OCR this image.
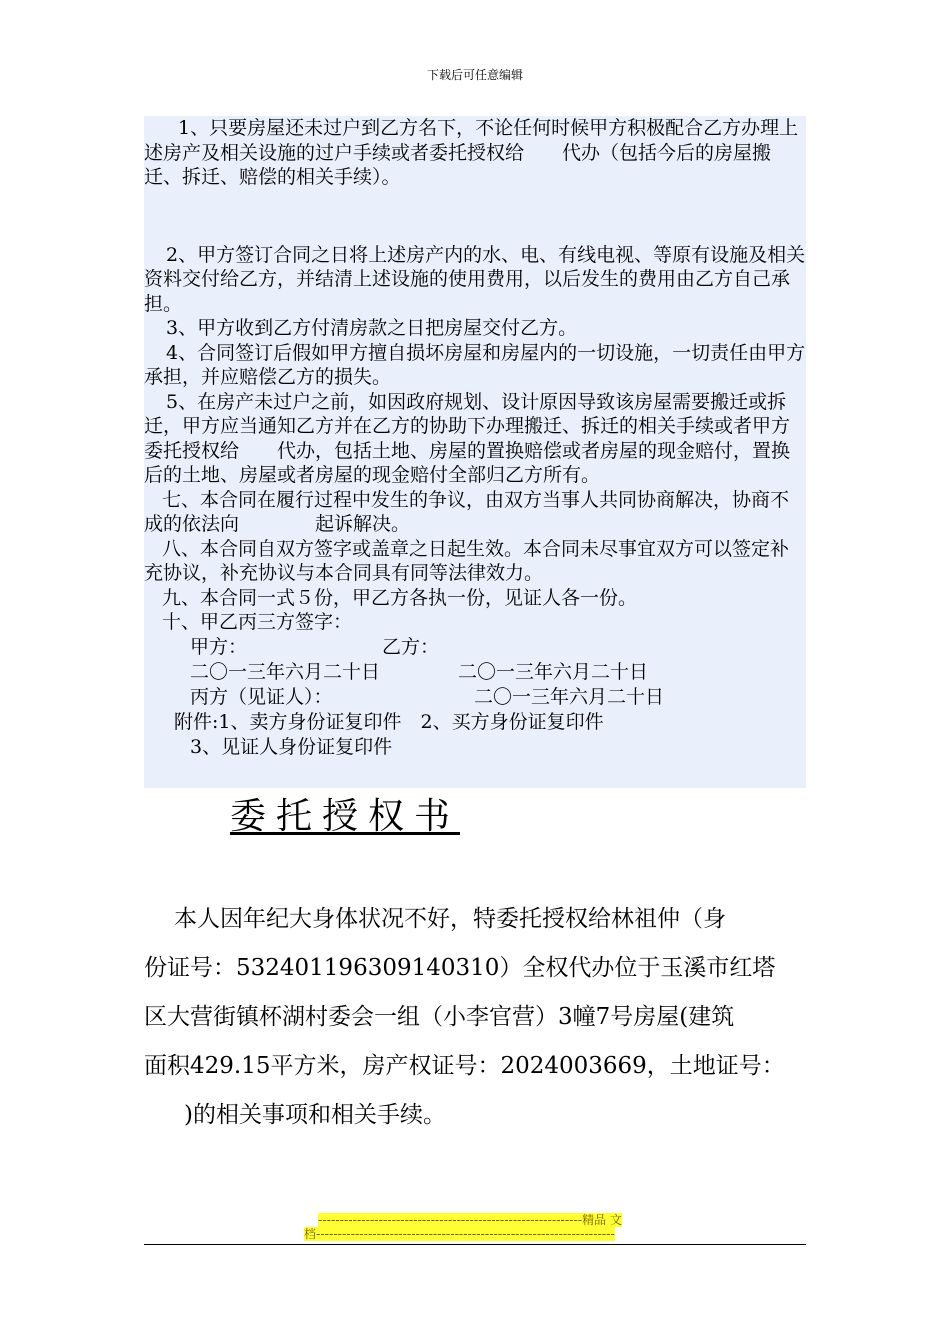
下载后可任意编辑

1、只要房屋还未过户到乙方名下，不论任何时候甲方积极配合乙方办理上述房产及相关设施的过户手续或者委托授权给　　代办（包括今后的房屋搬迁、拆迁、赔偿的相关手续）。

2、甲方签订合同之日将上述房产内的水、电、有线电视、等原有设施及相关资料交付给乙方，并结清上述设施的使用费用，以后发生的费用由乙方自己承担。

3、甲方收到乙方付清房款之日把房屋交付乙方。

4、合同签订后假如甲方擅自损坏房屋和房屋内的一切设施，一切责任由甲方承担，并应赔偿乙方的损失。

5、在房产未过户之前，如因政府规划、设计原因导致该房屋需要搬迁或拆迁，甲方应当通知乙方并在乙方的协助下办理搬迁、拆迁的相关手续或者甲方委托授权给　　代办，包括土地、房屋的置换赔偿或者房屋的现金赔付，置换后的土地、房屋或者房屋的现金赔付全部归乙方所有。

七、本合同在履行过程中发生的争议，由双方当事人共同协商解决，协商不成的依法向　　　　起诉解决。

八、本合同自双方签字或盖章之日起生效。本合同未尽事宜双方可以签定补充协议，补充协议与本合同具有同等法律效力。

九、本合同一式５份，甲乙方各执一份，见证人各一份。

十、甲乙丙三方签字：

甲方：	乙方：
二〇一三年六月二十日	二〇一三年六月二十日
丙方（见证人）：	二〇一三年六月二十日
附件:1、卖方身份证复印件　2、买方身份证复印件
3、见证人身份证复印件
委托授权书

本人因年纪大身体状况不好，特委托授权给林祖仲（身

份证号：532401196309140310）全权代办位于玉溪市红塔

区大营街镇杯湖村委会一组（小李官营）3幢7号房屋(建筑

面积429.15平方米，房产权证号：2024003669，土地证号：

)的相关事项和相关手续。

-------------------------------------------------------------精品 文
档---------------------------------------------------------------------
